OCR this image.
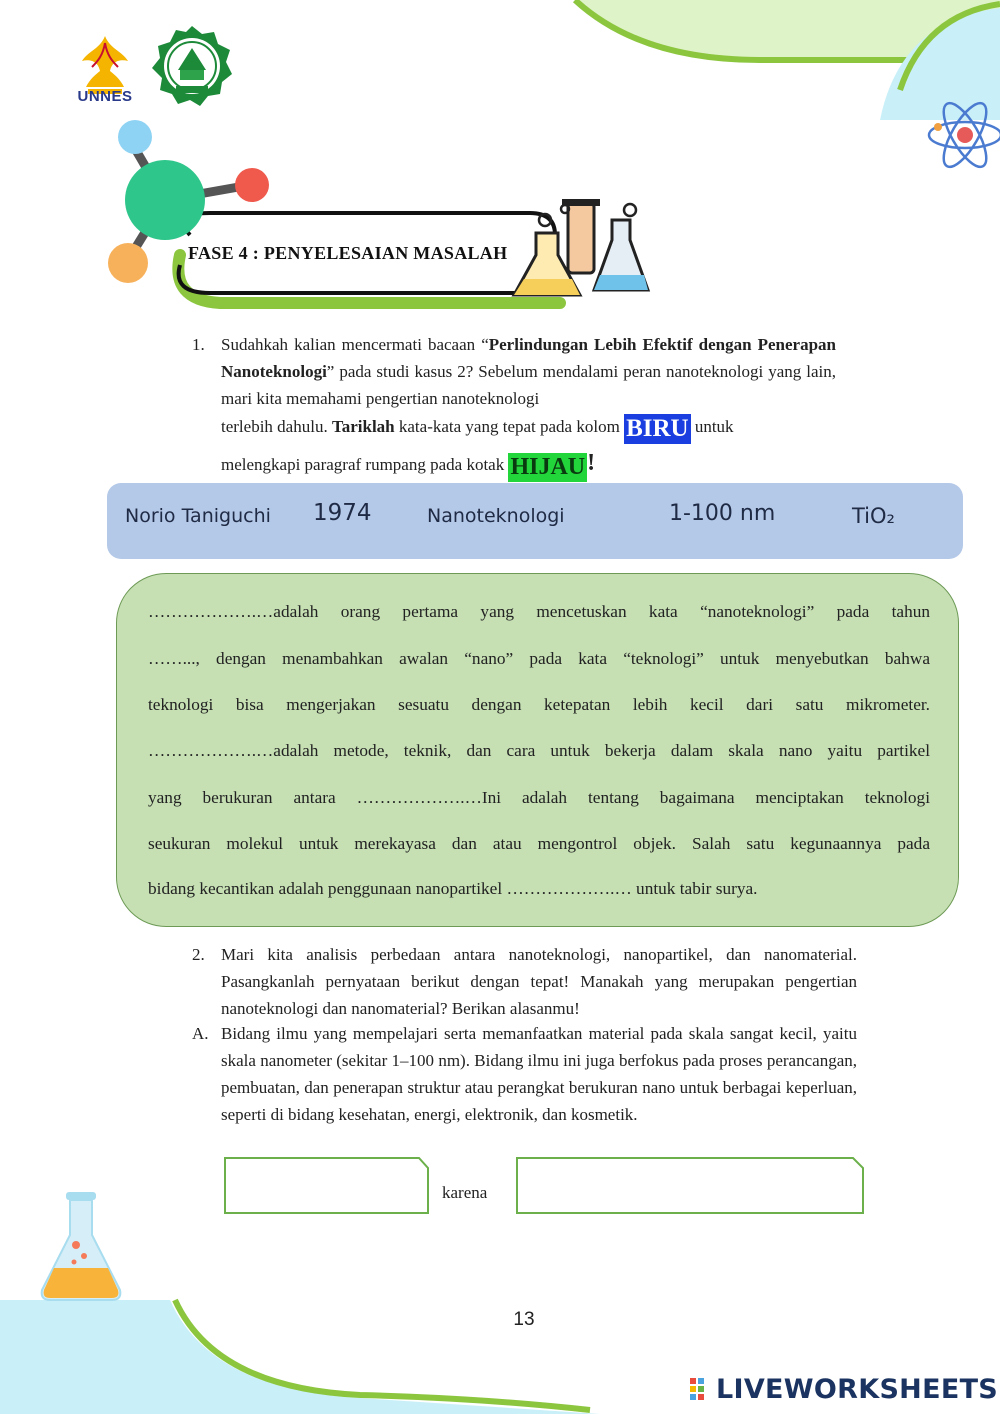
UNNES
FASE 4 : PENYELESAIAN MASALAH
1. Sudahkah kalian mencermati bacaan “Perlindungan Lebih Efektif dengan Penerapan Nanoteknologi” pada studi kasus 2? Sebelum mendalami peran nanoteknologi yang lain, mari kita memahami pengertian nanoteknologi
terlebih dahulu. Tariklah kata-kata yang tepat pada kolom BIRU untuk
melengkapi paragraf rumpang pada kotak HIJAU!
Norio Taniguchi 1974	Nanoteknologi	1-100 nm	TiO₂
……………….…adalah orang pertama yang mencetuskan kata “nanoteknologi” pada tahun
……..., dengan menambahkan awalan “nano” pada kata “teknologi” untuk menyebutkan bahwa
teknologi bisa mengerjakan sesuatu dengan ketepatan lebih kecil dari satu mikrometer.
……………….…adalah metode, teknik, dan cara untuk bekerja dalam skala nano yaitu partikel
yang berukuran antara ……………….…Ini adalah tentang bagaimana menciptakan teknologi
seukuran molekul untuk merekayasa dan atau mengontrol objek. Salah satu kegunaannya pada
bidang kecantikan adalah penggunaan nanopartikel ……………….… untuk tabir surya.
2. Mari kita analisis perbedaan antara nanoteknologi, nanopartikel, dan nanomaterial. Pasangkanlah pernyataan berikut dengan tepat! Manakah yang merupakan pengertian nanoteknologi dan nanomaterial? Berikan alasanmu!
A. Bidang ilmu yang mempelajari serta memanfaatkan material pada skala sangat kecil, yaitu skala nanometer (sekitar 1–100 nm). Bidang ilmu ini juga berfokus pada proses perancangan, pembuatan, dan penerapan struktur atau perangkat berukuran nano untuk berbagai keperluan, seperti di bidang kesehatan, energi, elektronik, dan kosmetik.
karena
13
LIVEWORKSHEETS
